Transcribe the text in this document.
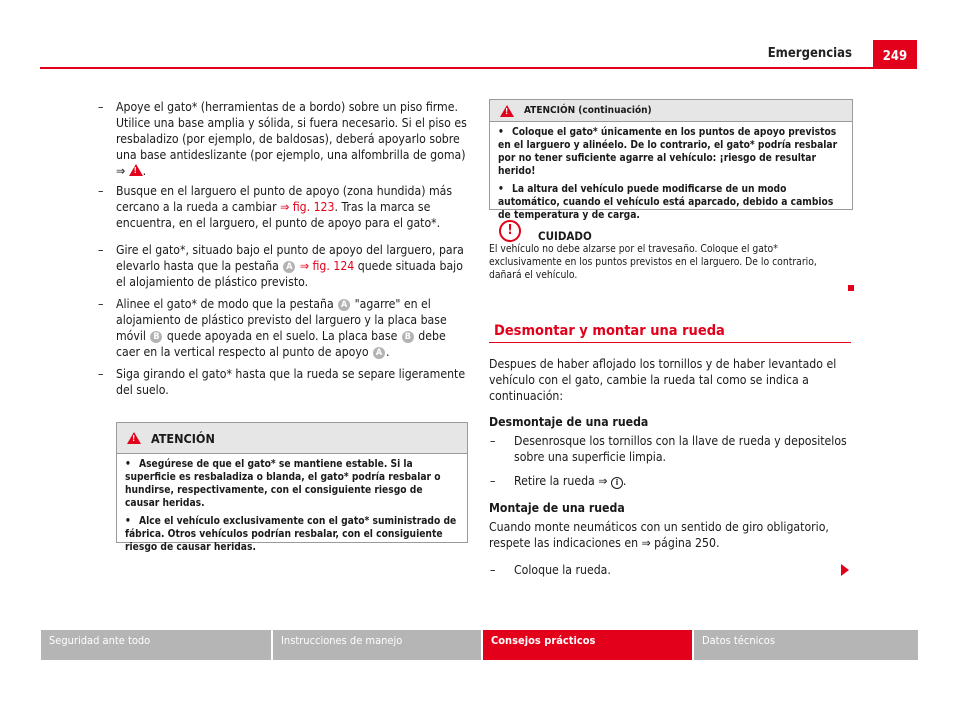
Emergencias	249
–	Apoye el gato* (herramientas de a bordo) sobre un piso firme. Utilice una base amplia y sólida, si fuera necesario. Si el piso es resbaladizo (por ejemplo, de baldosas), deberá apoyarlo sobre una base antideslizante (por ejemplo, una alfombrilla de goma) ⇒ !.
–	Busque en el larguero el punto de apoyo (zona hundida) más cercano a la rueda a cambiar ⇒ fig. 123. Tras la marca se encuentra, en el larguero, el punto de apoyo para el gato*.
–	Gire el gato*, situado bajo el punto de apoyo del larguero, para elevarlo hasta que la pestaña A ⇒ fig. 124 quede situada bajo el alojamiento de plástico previsto.
–	Alinee el gato* de modo que la pestaña A "agarre" en el alojamiento de plástico previsto del larguero y la placa base móvil B quede apoyada en el suelo. La placa base B debe caer en la vertical respecto al punto de apoyo A .
–	Siga girando el gato* hasta que la rueda se separe ligeramente del suelo.
!
ATENCIÓN

• Asegúrese de que el gato* se mantiene estable. Si la superficie es resbaladiza o blanda, el gato* podría resbalar o hundirse, respectivamente, con el consiguiente riesgo de causar heridas.

• Alce el vehículo exclusivamente con el gato* suministrado de fábrica. Otros vehículos podrían resbalar, con el consiguiente riesgo de causar heridas.

!
ATENCIÓN (continuación)

• Coloque el gato* únicamente en los puntos de apoyo previstos en el larguero y alinéelo. De lo contrario, el gato* podría resbalar por no tener suficiente agarre al vehículo: ¡riesgo de resultar herido!

• La altura del vehículo puede modificarse de un modo automático, cuando el vehículo está aparcado, debido a cambios de temperatura y de carga.

!	CUIDADO
El vehículo no debe alzarse por el travesaño. Coloque el gato* exclusivamente en los puntos previstos en el larguero. De lo contrario, dañará el vehículo.
Desmontar y montar una rueda
Despues de haber aflojado los tornillos y de haber levantado el vehículo con el gato, cambie la rueda tal como se indica a continuación:
Desmontaje de una rueda
–	Desenrosque los tornillos con la llave de rueda y depositelos sobre una superficie limpia.
–	Retire la rueda ⇒ i .
Montaje de una rueda
Cuando monte neumáticos con un sentido de giro obligatorio, respete las indicaciones en ⇒ página 250.
–	Coloque la rueda.
Seguridad ante todo	Instrucciones de manejo	Consejos prácticos	Datos técnicos
